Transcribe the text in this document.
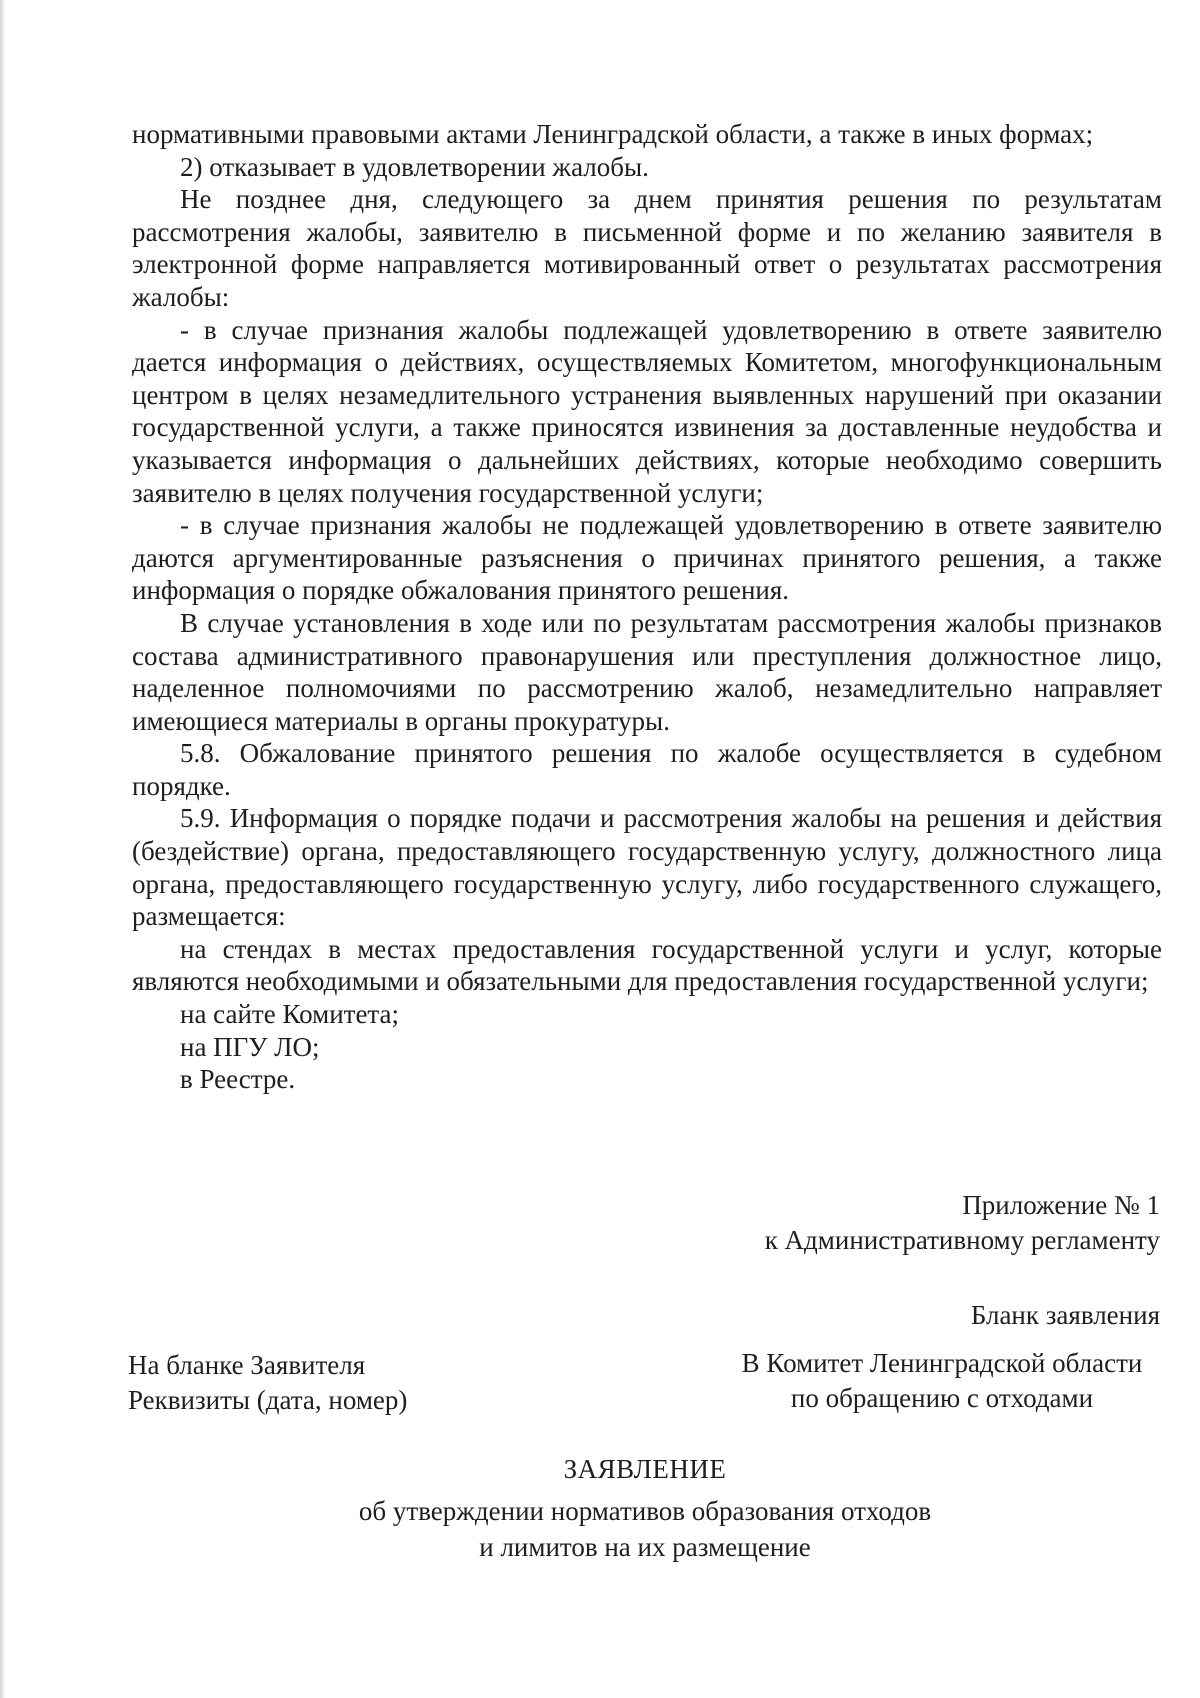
нормативными правовыми актами Ленинградской области, а также в иных формах;

2) отказывает в удовлетворении жалобы.

Не позднее дня, следующего за днем принятия решения по результатам рассмотрения жалобы, заявителю в письменной форме и по желанию заявителя в электронной форме направляется мотивированный ответ о результатах рассмотрения жалобы:

- в случае признания жалобы подлежащей удовлетворению в ответе заявителю дается информация о действиях, осуществляемых Комитетом, многофункциональным центром в целях незамедлительного устранения выявленных нарушений при оказании государственной услуги, а также приносятся извинения за доставленные неудобства и указывается информация о дальнейших действиях, которые необходимо совершить заявителю в целях получения государственной услуги;

- в случае признания жалобы не подлежащей удовлетворению в ответе заявителю даются аргументированные разъяснения о причинах принятого решения, а также информация о порядке обжалования принятого решения.

В случае установления в ходе или по результатам рассмотрения жалобы признаков состава административного правонарушения или преступления должностное лицо, наделенное полномочиями по рассмотрению жалоб, незамедлительно направляет имеющиеся материалы в органы прокуратуры.

5.8. Обжалование принятого решения по жалобе осуществляется в судебном порядке.

5.9. Информация о порядке подачи и рассмотрения жалобы на решения и действия (бездействие) органа, предоставляющего государственную услугу, должностного лица органа, предоставляющего государственную услугу, либо государственного служащего, размещается:

на стендах в местах предоставления государственной услуги и услуг, которые являются необходимыми и обязательными для предоставления государственной услуги;

на сайте Комитета;

на ПГУ ЛО;

в Реестре.

Приложение № 1
к Административному регламенту
Бланк заявления
На бланке Заявителя
Реквизиты (дата, номер)
В Комитет Ленинградской области
по обращению с отходами
ЗАЯВЛЕНИЕ
об утверждении нормативов образования отходов
и лимитов на их размещение
